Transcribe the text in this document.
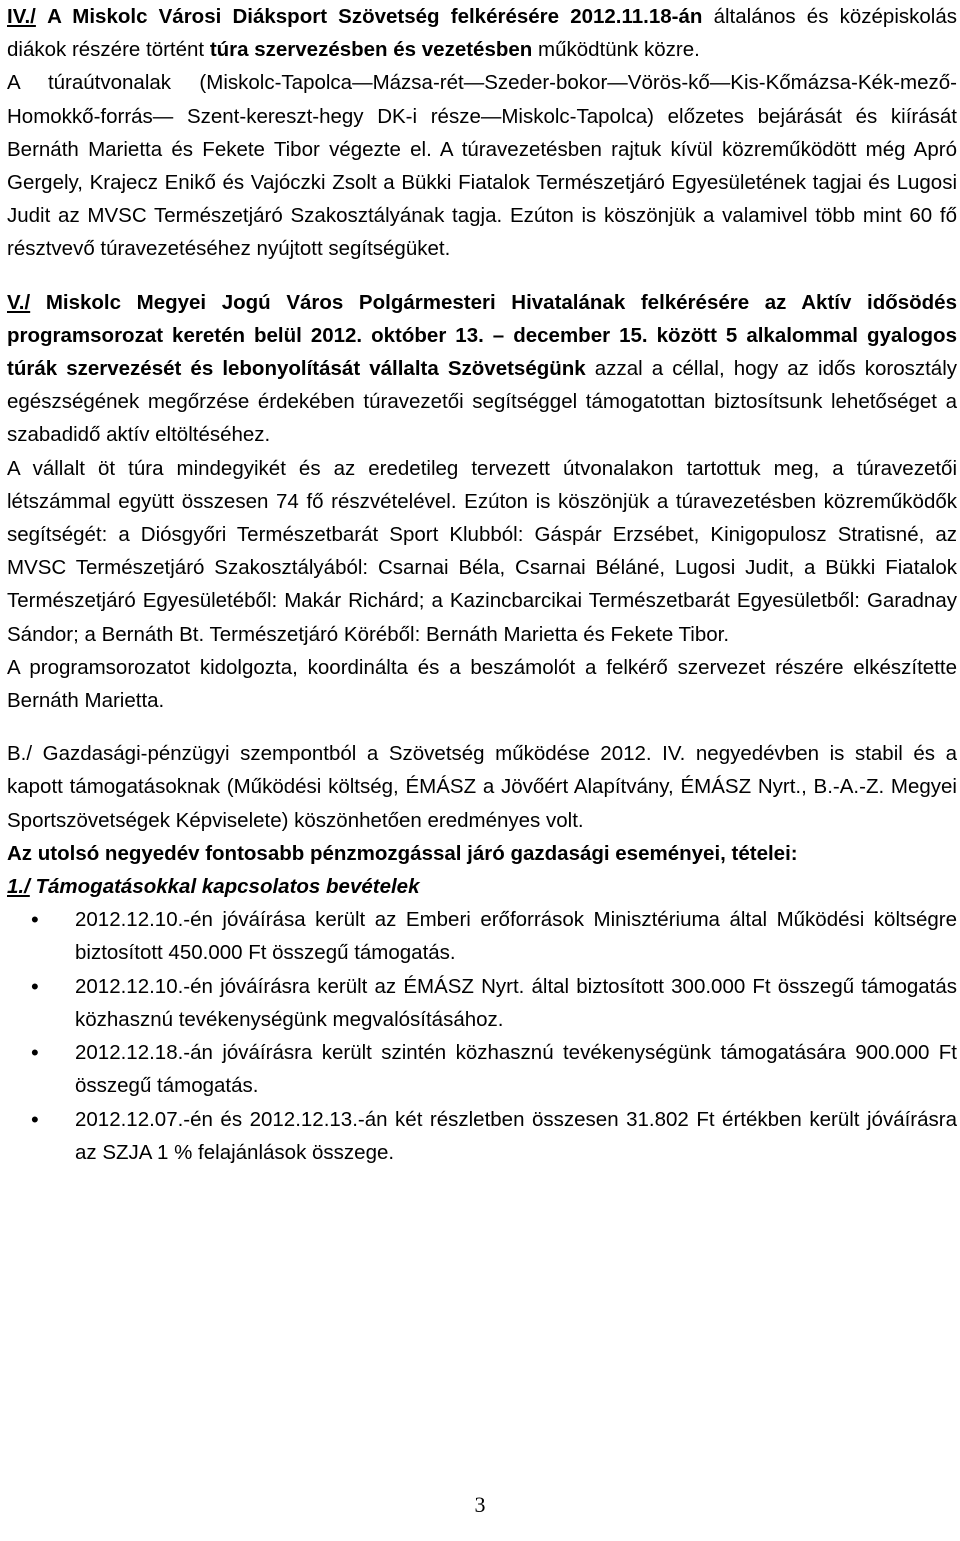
IV./ A Miskolc Városi Diáksport Szövetség felkérésére 2012.11.18-án általános és középiskolás diákok részére történt túra szervezésben és vezetésben működtünk közre.

A túraútvonalak (Miskolc-Tapolca—Mázsa-rét—Szeder-bokor—Vörös-kő—Kis-Kőmázsa-Kék-mező- Homokkő-forrás— Szent-kereszt-hegy DK-i része—Miskolc-Tapolca) előzetes bejárását és kiírását Bernáth Marietta és Fekete Tibor végezte el. A túravezetésben rajtuk kívül közreműködött még Apró Gergely, Krajecz Enikő és Vajóczki Zsolt a Bükki Fiatalok Természetjáró Egyesületének tagjai és Lugosi Judit az MVSC Természetjáró Szakosztályának tagja. Ezúton is köszönjük a valamivel több mint 60 fő résztvevő túravezetéséhez nyújtott segítségüket.

V./ Miskolc Megyei Jogú Város Polgármesteri Hivatalának felkérésére az Aktív idősödés programsorozat keretén belül 2012. október 13. – december 15. között 5 alkalommal gyalogos túrák szervezését és lebonyolítását vállalta Szövetségünk azzal a céllal, hogy az idős korosztály egészségének megőrzése érdekében túravezetői segítséggel támogatottan biztosítsunk lehetőséget a szabadidő aktív eltöltéséhez.

A vállalt öt túra mindegyikét és az eredetileg tervezett útvonalakon tartottuk meg, a túravezetői létszámmal együtt összesen 74 fő részvételével. Ezúton is köszönjük a túravezetésben közreműködők segítségét: a Diósgyőri Természetbarát Sport Klubból: Gáspár Erzsébet, Kinigopulosz Stratisné, az MVSC Természetjáró Szakosztályából: Csarnai Béla, Csarnai Béláné, Lugosi Judit, a Bükki Fiatalok Természetjáró Egyesületéből: Makár Richárd; a Kazincbarcikai Természetbarát Egyesületből: Garadnay Sándor; a Bernáth Bt. Természetjáró Köréből: Bernáth Marietta és Fekete Tibor.

A programsorozatot kidolgozta, koordinálta és a beszámolót a felkérő szervezet részére elkészítette Bernáth Marietta.

B./ Gazdasági-pénzügyi szempontból a Szövetség működése 2012. IV. negyedévben is stabil és a kapott támogatásoknak (Működési költség, ÉMÁSZ a Jövőért Alapítvány, ÉMÁSZ Nyrt., B.-A.-Z. Megyei Sportszövetségek Képviselete) köszönhetően eredményes volt.

Az utolsó negyedév fontosabb pénzmozgással járó gazdasági eseményei, tételei:

1./ Támogatásokkal kapcsolatos bevételek

• 2012.12.10.-én jóváírása került az Emberi erőforrások Minisztériuma által Működési költségre biztosított 450.000 Ft összegű támogatás.
• 2012.12.10.-én jóváírásra került az ÉMÁSZ Nyrt. által biztosított 300.000 Ft összegű támogatás közhasznú tevékenységünk megvalósításához.
• 2012.12.18.-án jóváírásra került szintén közhasznú tevékenységünk támogatására 900.000 Ft összegű támogatás.
• 2012.12.07.-én és 2012.12.13.-án két részletben összesen 31.802 Ft értékben került jóváírásra az SZJA 1 % felajánlások összege.
3
